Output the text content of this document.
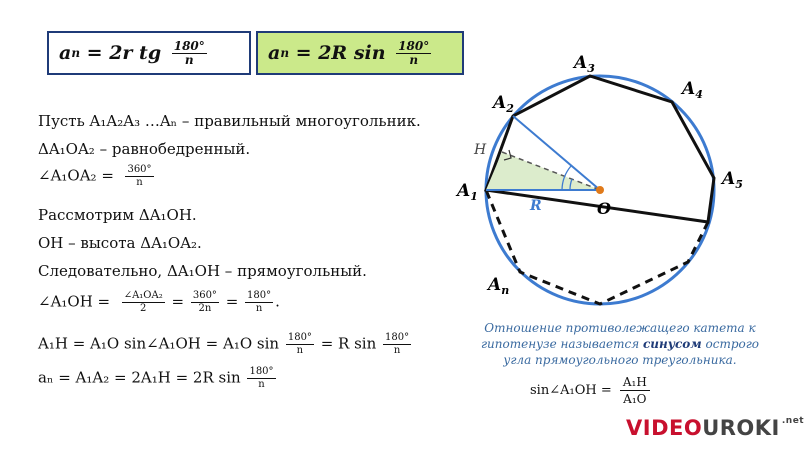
a n = 2r tg $\frac{180^\circ}{n}$	a n = 2R $\sin \frac{180^\circ}{n}$
Пусть A₁A₂A₃ …Aₙ – правильный многоугольник.
ΔA₁OA₂ – равнобедренный.
∠A₁OA₂ = $\frac{360^\circ}{n}$
Рассмотрим ΔA₁OH.
OH – высота ΔA₁OA₂.
Следовательно, ΔA₁OH – прямоугольный.
∠A₁OH = $\frac{\text{∠A₁OA₂}}{2} = \frac{360^\circ}{2n} = \frac{180^\circ}{n}$ .
A₁H = A₁O sin∠A₁OH = A₁O $\sin \frac{180^\circ}{n} = R$ $\sin \frac{180^\circ}{n}$
aₙ = A₁A₂ = 2A₁H = 2R $\sin \frac{180^\circ}{n}$
$A_1$
$A_2$
$A_3$
$A_4$
$A_5$
$A_n$
H
O
R
Отношение противолежащего катета к гипотенузе называется синусом острого угла прямоугольного треугольника.
sin∠A₁OH = $\frac{\text{A₁H}}{\text{A₁O}}$
VIDEOUROKI $^{.net}$
